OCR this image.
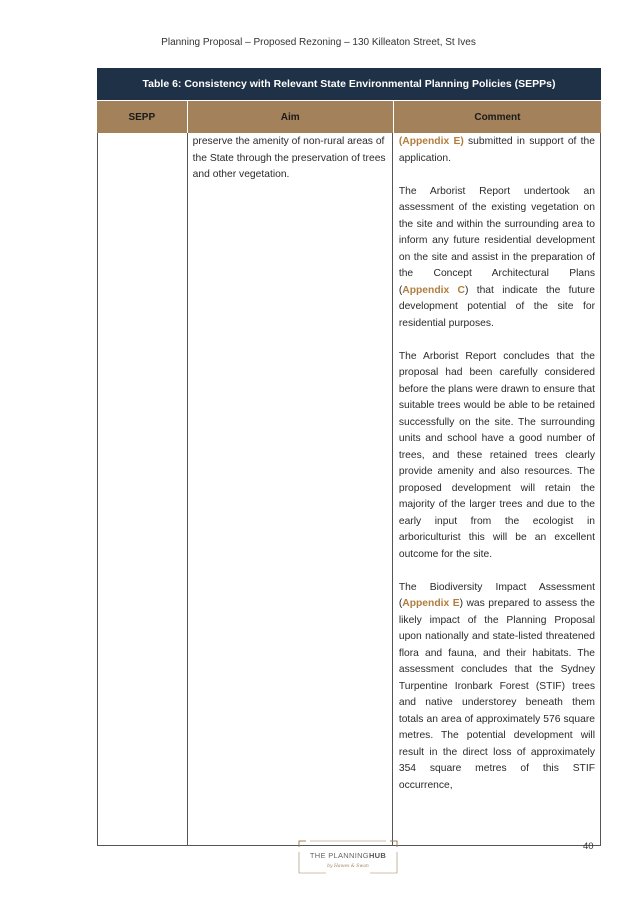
Planning Proposal – Proposed Rezoning – 130 Killeaton Street, St Ives
Table 6: Consistency with Relevant State Environmental Planning Policies (SEPPs)
SEPP	Aim	Comment
preserve the amenity of non-rural areas of the State through the preservation of trees and other vegetation.

(Appendix E) submitted in support of the application.

The Arborist Report undertook an assessment of the existing vegetation on the site and within the surrounding area to inform any future residential development on the site and assist in the preparation of the Concept Architectural Plans (Appendix C) that indicate the future development potential of the site for residential purposes.

The Arborist Report concludes that the proposal had been carefully considered before the plans were drawn to ensure that suitable trees would be able to be retained successfully on the site. The surrounding units and school have a good number of trees, and these retained trees clearly provide amenity and also resources. The proposed development will retain the majority of the larger trees and due to the early input from the ecologist in arboriculturist this will be an excellent outcome for the site.

The Biodiversity Impact Assessment (Appendix E) was prepared to assess the likely impact of the Planning Proposal upon nationally and state-listed threatened flora and fauna, and their habitats. The assessment concludes that the Sydney Turpentine Ironbark Forest (STIF) trees and native understorey beneath them totals an area of approximately 576 square metres. The potential development will result in the direct loss of approximately 354 square metres of this STIF occurrence,

THE PLANNINGHUB
by Hawes & Swan
40
